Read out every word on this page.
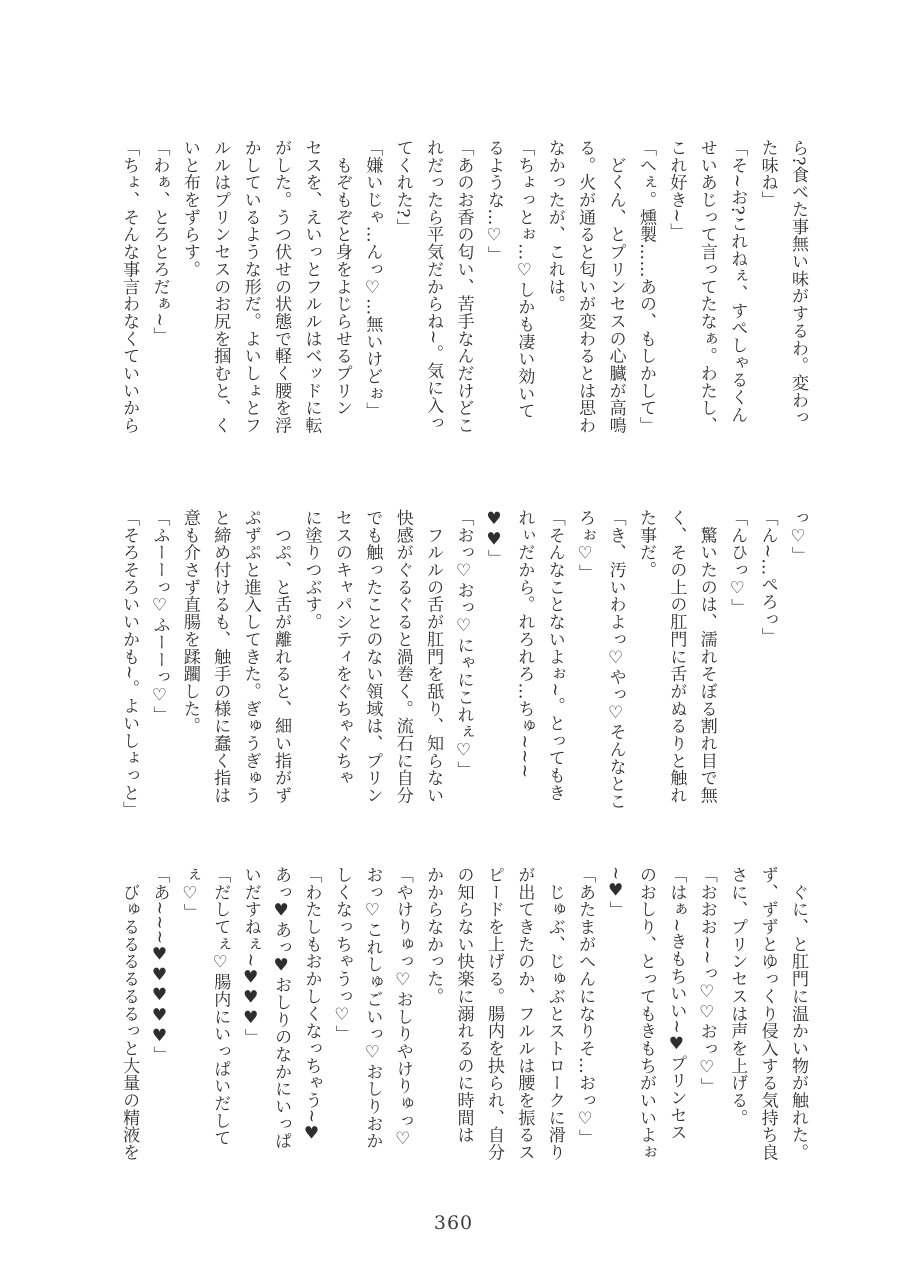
ら?食べた事無い味がするわ。変わっ
た味ね」
「そ~お?これねぇ、すぺしゃるくん
せいあじって言ってたなぁ。わたし、
これ好き~」
「へぇ。燻製……あの、もしかして」
　どくん、とプリンセスの心臓が高鳴
る。火が通ると匂いが変わるとは思わ
なかったが、これは。
「ちょっとぉ…♡しかも凄い効いて
るような…♡」
「あのお香の匂い、苦手なんだけどこ
れだったら平気だからね~。気に入っ
てくれた?」
「嫌いじゃ…んっ♡…無いけどぉ」
　もぞもぞと身をよじらせるプリン
セスを、えいっとフルルはベッドに転
がした。うつ伏せの状態で軽く腰を浮
かしているような形だ。よいしょとフ
ルルはプリンセスのお尻を掴むと、く
いと布をずらす。
「わぁ、とろとろだぁ~」
「ちょ、そんな事言わなくていいから
っ♡」
「ん~…ぺろっ」
「んひっ♡」
　驚いたのは、濡れそぼる割れ目で無
く、その上の肛門に舌がぬるりと触れ
た事だ。
「き、汚いわよっ♡やっ♡そんなとこ
ろぉ♡」
「そんなことないよぉ~。とってもき
れぃだから。れろれろ…ちゅ~~~
♥♥」
「おっ♡おっ♡にゃにこれぇ♡」
　フルルの舌が肛門を舐り、知らない
快感がぐるぐると渦巻く。流石に自分
でも触ったことのない領域は、プリン
セスのキャパシティをぐちゃぐちゃ
に塗りつぶす。
　つぷ、と舌が離れると、細い指がず
ぷずぷと進入してきた。ぎゅうぎゅう
と締め付けるも、触手の様に蠢く指は
意も介さず直腸を蹂躙した。
「ふーーっ♡ふーーっ♡」
「そろそろいいかも~。よいしょっと」
　ぐに、と肛門に温かい物が触れた。
ず、ずずとゆっくり侵入する気持ち良
さに、プリンセスは声を上げる。
「おおお~~っ♡♡おっ♡」
「はぁ~きもちいい~♥プリンセス
のおしり、とってもきもちがいいよぉ
~♥」
「あたまがへんになりそ…おっ♡」
　じゅぶ、じゅぶとストロークに滑り
が出てきたのか、フルルは腰を振るス
ピードを上げる。腸内を抉られ、自分
の知らない快楽に溺れるのに時間は
かからなかった。
「やけりゅっ♡おしりやけりゅっ♡
おっ♡これしゅごいっ♡おしりおか
しくなっちゃうっ♡」
「わたしもおかしくなっちゃう~♥
あっ♥あっ♥おしりのなかにいっぱ
いだすねぇ~♥♥♥」
「だしてぇ♡腸内にいっぱいだして
ぇ♡」
「あ~~~♥♥♥♥♥」
　びゅるるるるるるっと大量の精液を
360
